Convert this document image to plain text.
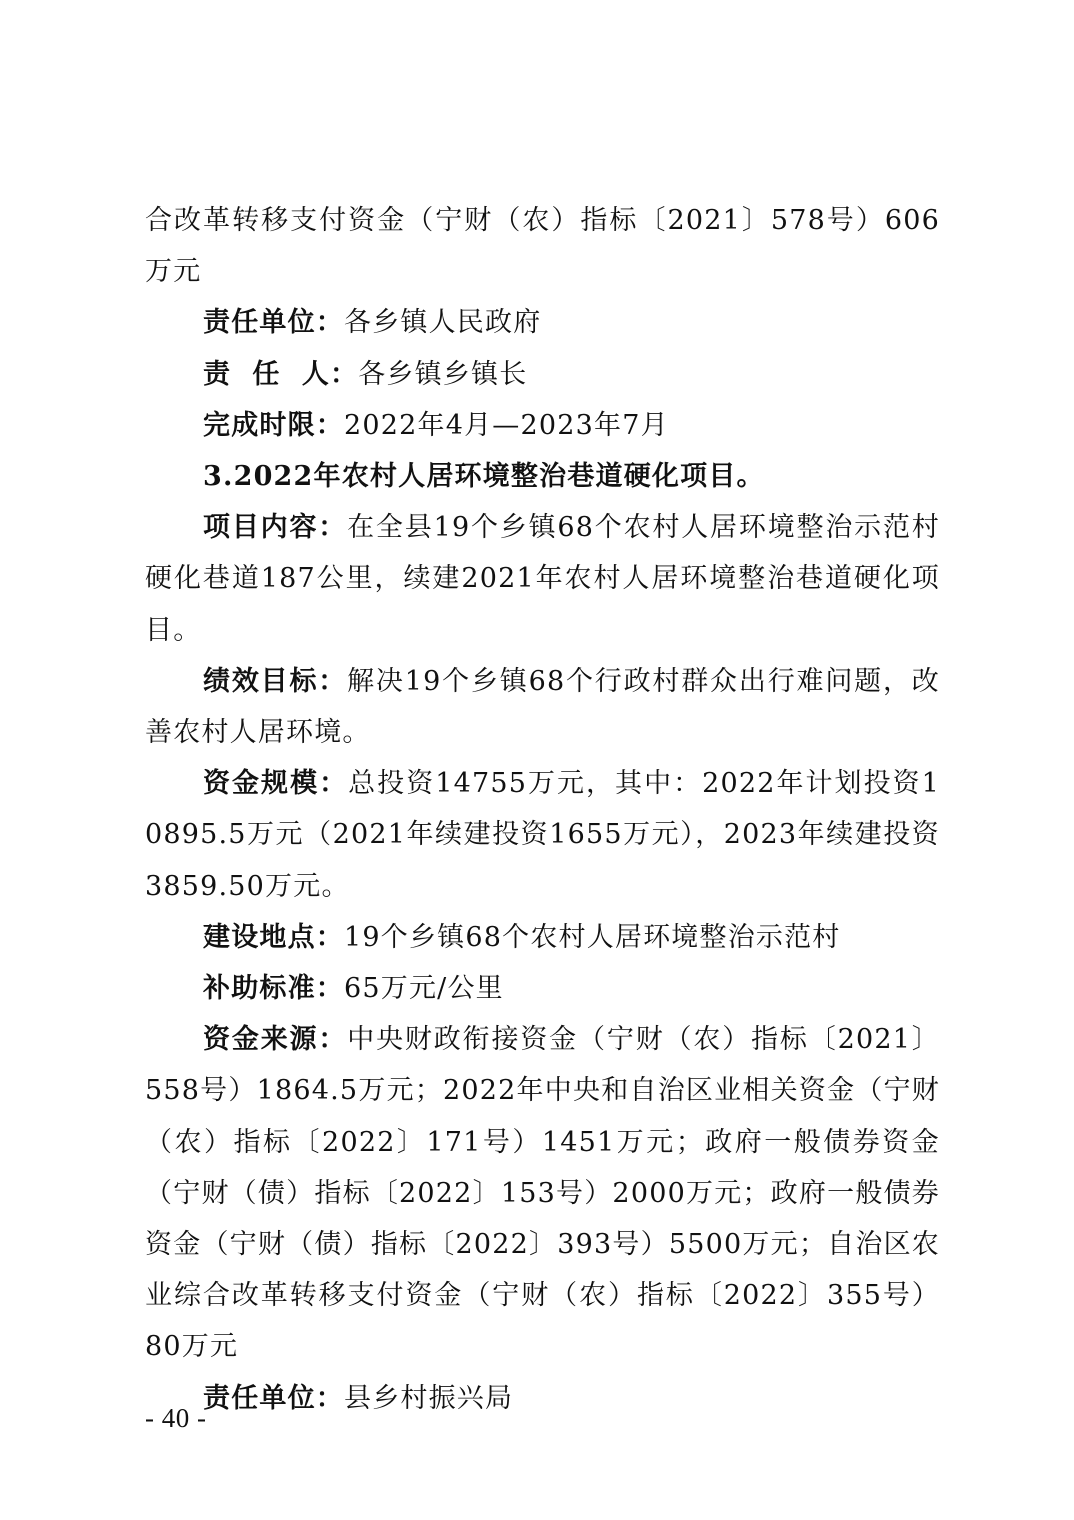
合改革转移支付资金（宁财（农）指标〔2021〕578号）606万元

责任单位：各乡镇人民政府

责  任  人：各乡镇乡镇长

完成时限：2022年4月—2023年7月

3.2022年农村人居环境整治巷道硬化项目。

项目内容：在全县19个乡镇68个农村人居环境整治示范村硬化巷道187公里，续建2021年农村人居环境整治巷道硬化项目。

绩效目标：解决19个乡镇68个行政村群众出行难问题，改善农村人居环境。

资金规模：总投资14755万元，其中：2022年计划投资10895.5万元（2021年续建投资1655万元），2023年续建投资3859.50万元。

建设地点：19个乡镇68个农村人居环境整治示范村

补助标准：65万元/公里

资金来源：中央财政衔接资金（宁财（农）指标〔2021〕558号）1864.5万元；2022年中央和自治区业相关资金（宁财（农）指标〔2022〕171号）1451万元；政府一般债券资金（宁财（债）指标〔2022〕153号）2000万元；政府一般债券资金（宁财（债）指标〔2022〕393号）5500万元；自治区农业综合改革转移支付资金（宁财（农）指标〔2022〕355号）80万元

责任单位：县乡村振兴局

- 40 -
